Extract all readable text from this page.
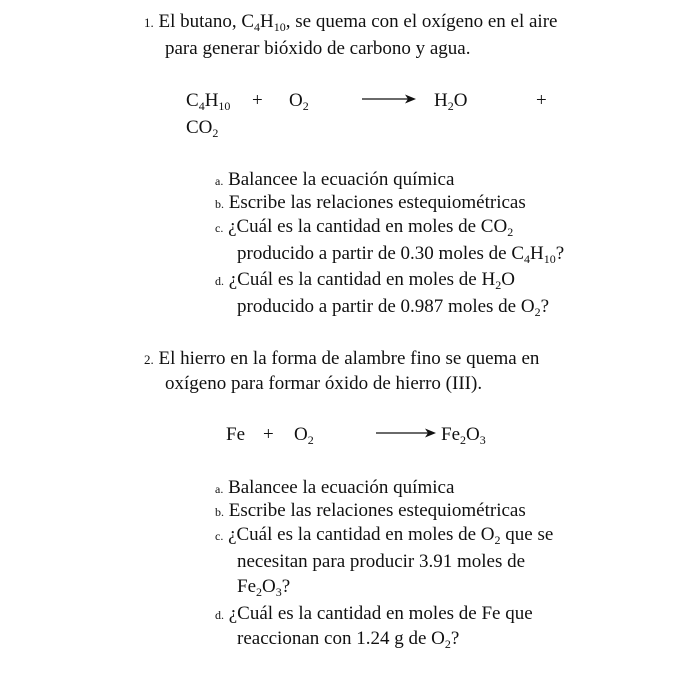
1. El butano, $C_4H_{10}$, se quema con el oxígeno en el aire
para generar bióxido de carbono y agua.
$C_4H_{10} + O_2$	→ $H_2O$	+
$CO_2$
a. Balancee la ecuación química
b. Escribe las relaciones estequiométricas
c. ¿Cuál es la cantidad en moles de $CO_2$
producido a partir de 0.30 moles de $C_4H_{10}$?
d. ¿Cuál es la cantidad en moles de $H_2O$
producido a partir de 0.987 moles de $O_2$?
2. El hierro en la forma de alambre fino se quema en
oxígeno para formar óxido de hierro (III).
$Fe + O_2$	→ $Fe_2O_3$
a. Balancee la ecuación química
b. Escribe las relaciones estequiométricas
c. ¿Cuál es la cantidad en moles de $O_2$ que se
necesitan para producir 3.91 moles de
$Fe_2O_3$?
d. ¿Cuál es la cantidad en moles de Fe que
reaccionan con 1.24 g de $O_2$?
